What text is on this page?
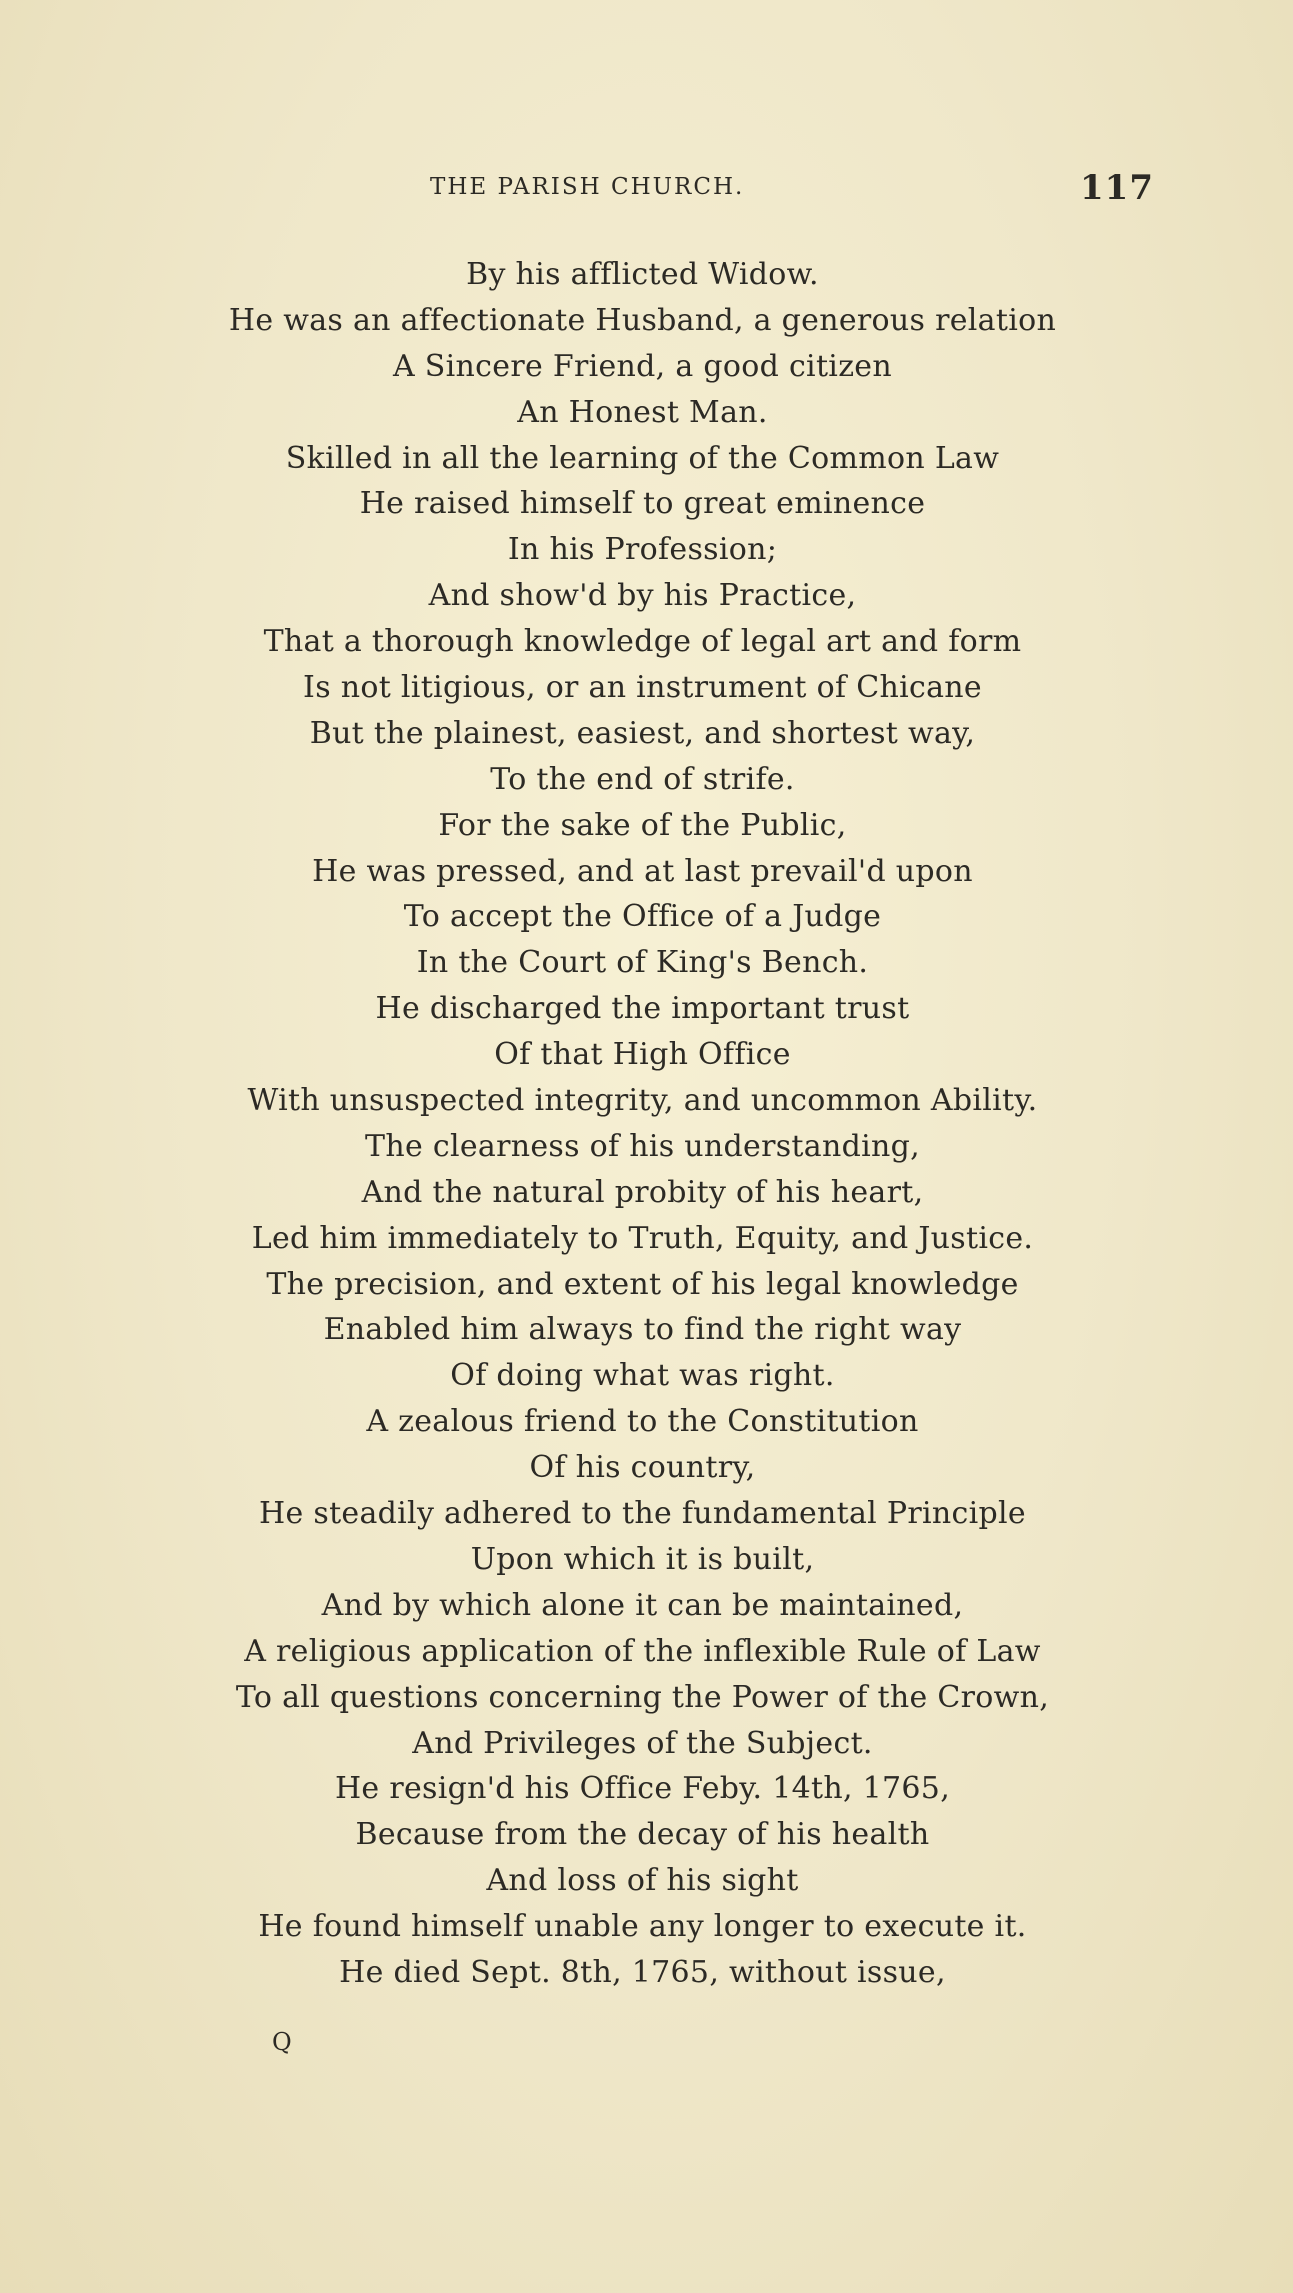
THE PARISH CHURCH.	117
By his afflicted Widow.
He was an affectionate Husband, a generous relation
A Sincere Friend, a good citizen
An Honest Man.
Skilled in all the learning of the Common Law
He raised himself to great eminence
In his Profession;
And show'd by his Practice,
That a thorough knowledge of legal art and form
Is not litigious, or an instrument of Chicane
But the plainest, easiest, and shortest way,
To the end of strife.
For the sake of the Public,
He was pressed, and at last prevail'd upon
To accept the Office of a Judge
In the Court of King's Bench.
He discharged the important trust
Of that High Office
With unsuspected integrity, and uncommon Ability.
The clearness of his understanding,
And the natural probity of his heart,
Led him immediately to Truth, Equity, and Justice.
The precision, and extent of his legal knowledge
Enabled him always to find the right way
Of doing what was right.
A zealous friend to the Constitution
Of his country,
He steadily adhered to the fundamental Principle
Upon which it is built,
And by which alone it can be maintained,
A religious application of the inflexible Rule of Law
To all questions concerning the Power of the Crown,
And Privileges of the Subject.
He resign'd his Office Feby. 14th, 1765,
Because from the decay of his health
And loss of his sight
He found himself unable any longer to execute it.
He died Sept. 8th, 1765, without issue,
Q
